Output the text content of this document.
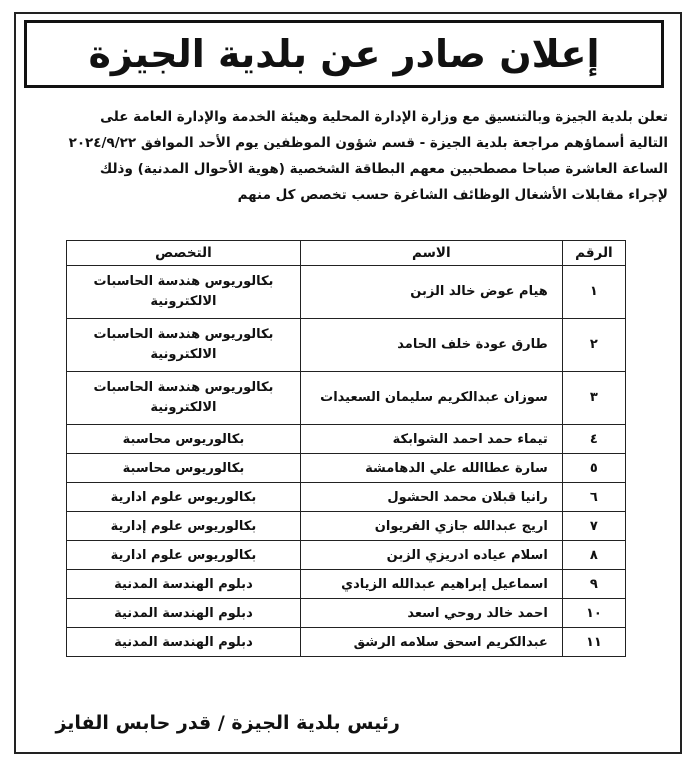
إعلان صادر عن بلدية الجيزة

تعلن بلدية الجيزة وبالتنسيق مع وزارة الإدارة المحلية وهيئة الخدمة والإدارة العامة على

التالية أسماؤهم مراجعة بلدية الجيزة - قسم شؤون الموظفين يوم الأحد الموافق ٢٠٢٤/٩/٢٢

الساعة العاشرة صباحا مصطحبين معهم البطاقة الشخصية (هوية الأحوال المدنية) وذلك

لإجراء مقابلات الأشغال الوظائف الشاغرة حسب تخصص كل منهم

الرقم	الاسم	التخصص
١	هيام عوض خالد الزبن	بكالوريوس هندسة الحاسبات الالكترونية
٢	طارق عودة خلف الحامد	بكالوريوس هندسة الحاسبات الالكترونية
٣	سوزان عبدالكريم سليمان السعيدات	بكالوريوس هندسة الحاسبات الالكترونية
٤	تيماء حمد احمد الشوابكة	بكالوريوس محاسبة
٥	سارة عطاالله علي الدهامشة	بكالوريوس محاسبة
٦	رانيا قبلان محمد الحشول	بكالوريوس علوم ادارية
٧	اريج عبدالله جازي الفريوان	بكالوريوس علوم إدارية
٨	اسلام عياده ادريزي الزبن	بكالوريوس علوم ادارية
٩	اسماعيل إبراهيم عبدالله الزيادي	دبلوم الهندسة المدنية
١٠	احمد خالد روحي اسعد	دبلوم الهندسة المدنية
١١	عبدالكريم اسحق سلامه الرشق	دبلوم الهندسة المدنية
رئيس بلدية الجيزة / قدر حابس الفايز
